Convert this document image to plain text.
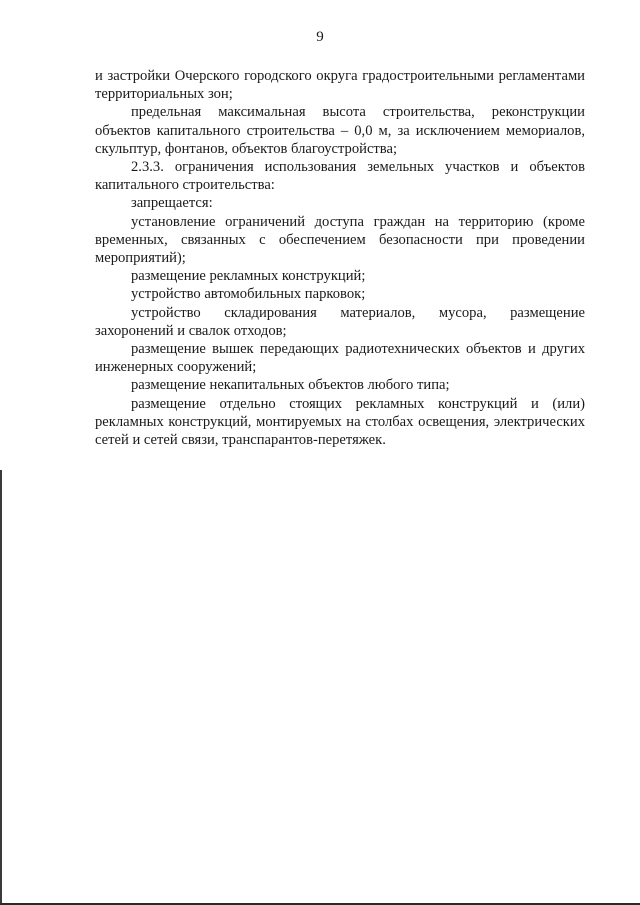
9

и застройки Очерского городского округа градостроительными регламентами территориальных зон;

предельная максимальная высота строительства, реконструкции объектов капитального строительства – 0,0 м, за исключением мемориалов, скульптур, фонтанов, объектов благоустройства;

2.3.3. ограничения использования земельных участков и объектов капитального строительства:

запрещается:

установление ограничений доступа граждан на территорию (кроме временных, связанных с обеспечением безопасности при проведении мероприятий);

размещение рекламных конструкций;

устройство автомобильных парковок;

устройство складирования материалов, мусора, размещение захоронений и свалок отходов;

размещение вышек передающих радиотехнических объектов и других инженерных сооружений;

размещение некапитальных объектов любого типа;

размещение отдельно стоящих рекламных конструкций и (или) рекламных конструкций, монтируемых на столбах освещения, электрических сетей и сетей связи, транспарантов-перетяжек.
